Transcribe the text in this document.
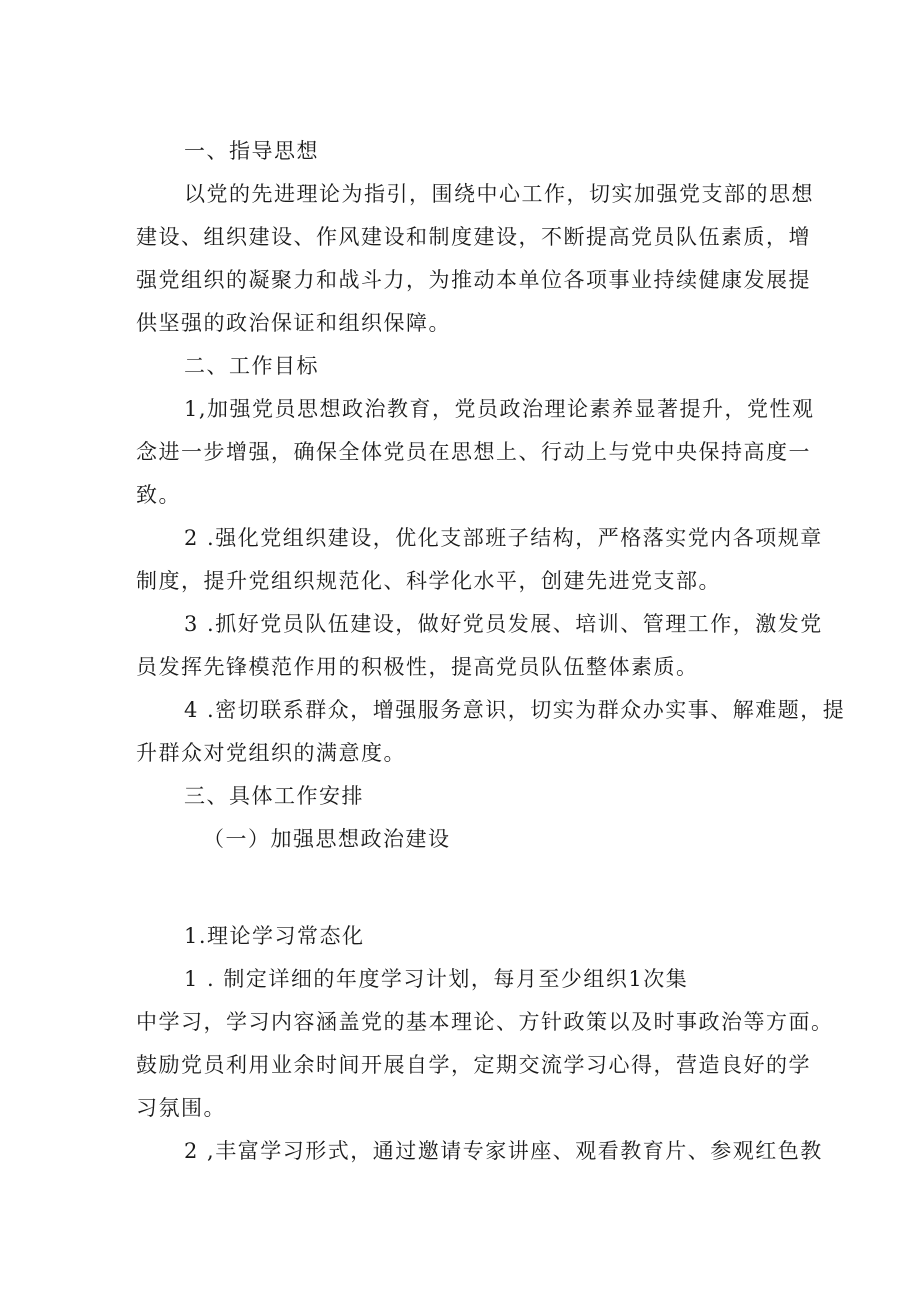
一、指导思想
以党的先进理论为指引，围绕中心工作，切实加强党支部的思想
建设、组织建设、作风建设和制度建设，不断提高党员队伍素质，增
强党组织的凝聚力和战斗力，为推动本单位各项事业持续健康发展提
供坚强的政治保证和组织保障。
二、工作目标
1,加强党员思想政治教育，党员政治理论素养显著提升，党性观
念进一步增强，确保全体党员在思想上、行动上与党中央保持高度一
致。
2 .强化党组织建设，优化支部班子结构，严格落实党内各项规章
制度，提升党组织规范化、科学化水平，创建先进党支部。
3 .抓好党员队伍建设，做好党员发展、培训、管理工作，激发党
员发挥先锋模范作用的积极性，提高党员队伍整体素质。
4 .密切联系群众，增强服务意识，切实为群众办实事、解难题，提
升群众对党组织的满意度。
三、具体工作安排
（一）加强思想政治建设
1.理论学习常态化
1 . 制定详细的年度学习计划，每月至少组织1次集
中学习，学习内容涵盖党的基本理论、方针政策以及时事政治等方面。
鼓励党员利用业余时间开展自学，定期交流学习心得，营造良好的学
习氛围。
2 ,丰富学习形式，通过邀请专家讲座、观看教育片、参观红色教
